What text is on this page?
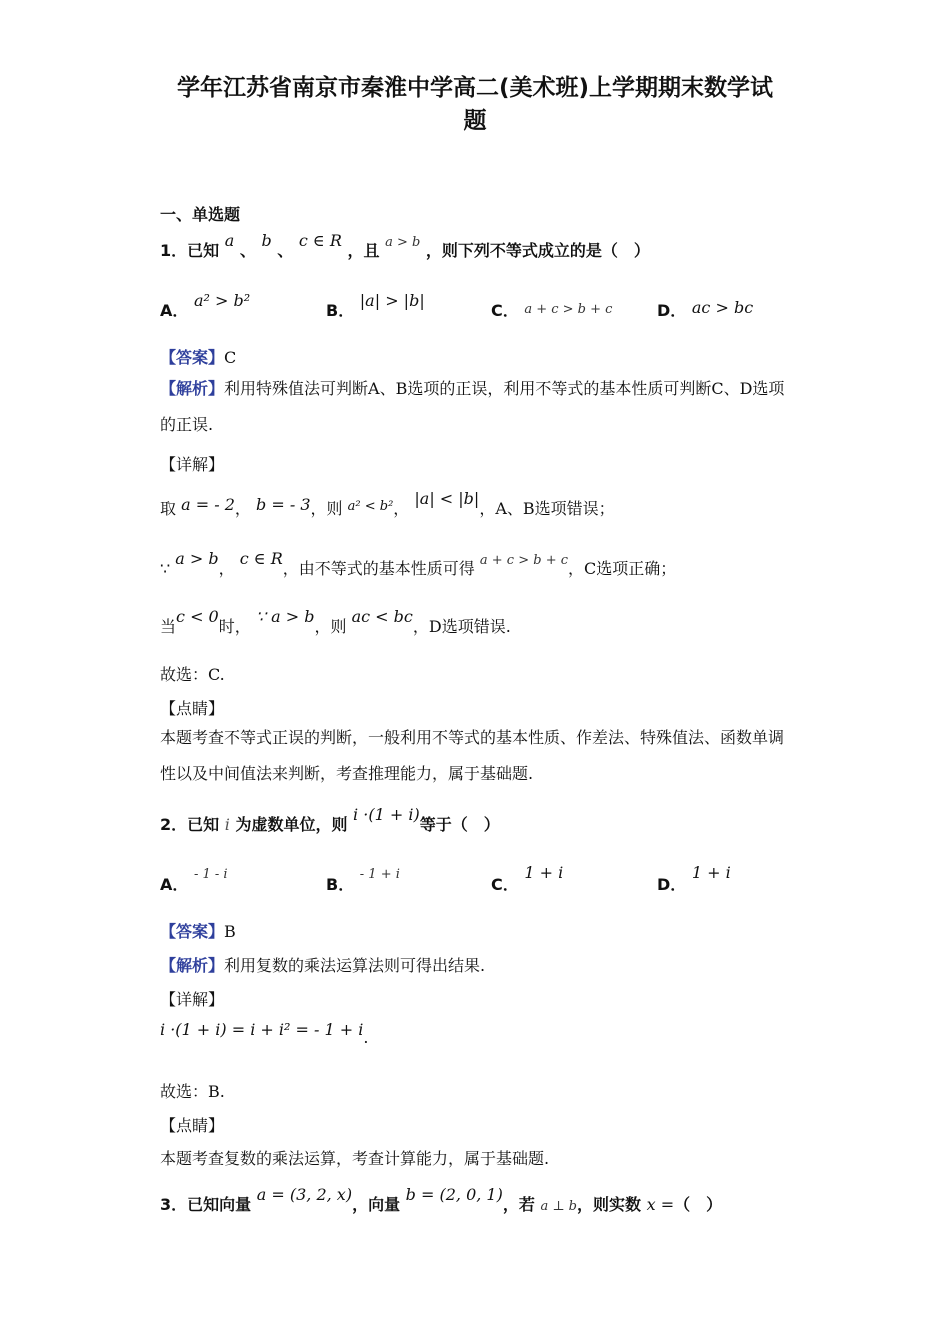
学年江苏省南京市秦淮中学高二(美术班)上学期期末数学试
题
一、单选题
1．已知 a 、 b 、 c ∈ R ，且 $^{a > b}$ ，则下列不等式成立的是（　）
A． a² > b²
B． |a| > |b|
C． a + c > b + c	D． ac > bc
【答案】C
【解析】利用特殊值法可判断A、B选项的正误，利用不等式的基本性质可判断C、D选项的正误.
【详解】
取 a = - 2， b = - 3，则 $^{a^2 < b^2}$， |a| < |b|，A、B选项错误；
∵ a > b， c ∈ R，由不等式的基本性质可得 $^{a + c > b + c}$，C选项正确；
当c < 0时， ∵ a > b，则 ac < bc，D选项错误.
故选：C.
【点睛】
本题考查不等式正误的判断，一般利用不等式的基本性质、作差法、特殊值法、函数单调性以及中间值法来判断，考查推理能力，属于基础题.
2．已知 i 为虚数单位，则 i ·(1 + i)等于（　）
A． $^{- 1 - i}$
B． $^{- 1 + i}$
C． 1 + i
D． 1 + i
【答案】B
【解析】利用复数的乘法运算法则可得出结果.
【详解】
i ·(1 + i) = i + i² = - 1 + i.
故选：B.
【点睛】
本题考查复数的乘法运算，考查计算能力，属于基础题.
3．已知向量 a = (3, 2, x)，向量 b = (2, 0, 1)，若 a ⊥ b，则实数 x =（　）
